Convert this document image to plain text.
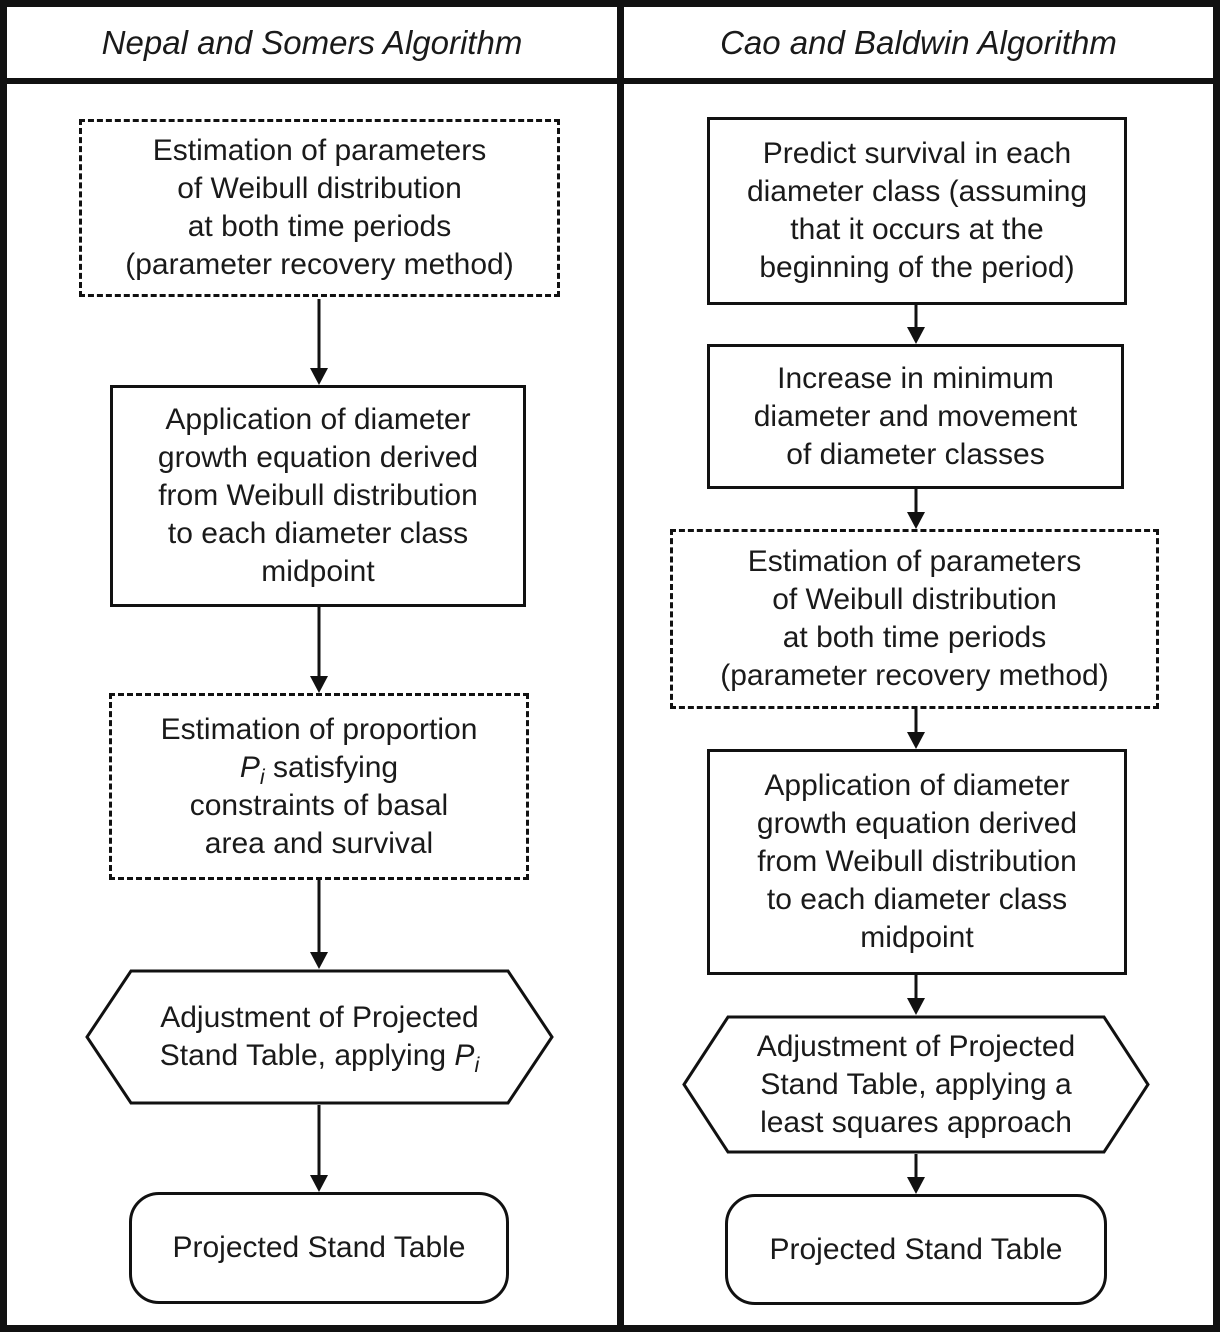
Nepal and Somers Algorithm	Cao and Baldwin Algorithm
Estimation of parameters
of Weibull distribution
at both time periods
(parameter recovery method)
Application of diameter
growth equation derived
from Weibull distribution
to each diameter class
midpoint
Estimation of proportion
$P_i$ satisfying
constraints of basal
area and survival
Adjustment of Projected
Stand Table, applying $P_i$
Projected Stand Table
Predict survival in each
diameter class (assuming
that it occurs at the
beginning of the period)
Increase in minimum
diameter and movement
of diameter classes
Estimation of parameters
of Weibull distribution
at both time periods
(parameter recovery method)
Application of diameter
growth equation derived
from Weibull distribution
to each diameter class
midpoint
Adjustment of Projected
Stand Table, applying a
least squares approach
Projected Stand Table
